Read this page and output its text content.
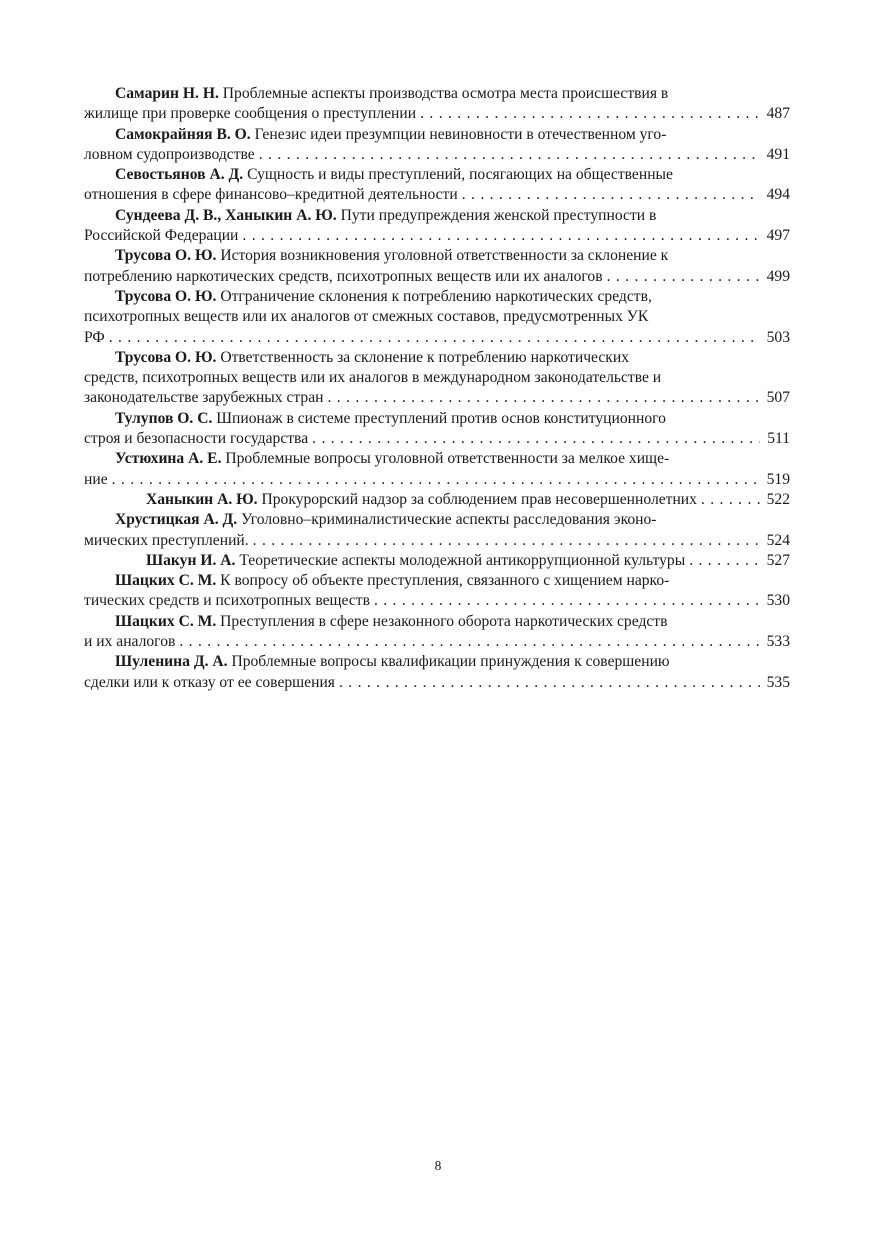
Самарин Н. Н. Проблемные аспекты производства осмотра места происшествия в
жилище при проверке сообщения о преступлении . . .	487
Самокрайняя В. О. Генезис идеи презумпции невиновности в отечественном уго-
ловном судопроизводстве . . .	491
Севостьянов А. Д. Сущность и виды преступлений, посягающих на общественные
отношения в сфере финансово–кредитной деятельности . . .	494
Сундеева Д. В., Ханыкин А. Ю. Пути предупреждения женской преступности в
Российской Федерации . . .	497
Трусова О. Ю. История возникновения уголовной ответственности за склонение к
потреблению наркотических средств, психотропных веществ или их аналогов . . .	499
Трусова О. Ю. Отграничение склонения к потреблению наркотических средств,
психотропных веществ или их аналогов от смежных составов, предусмотренных УК
РФ . . .	503
Трусова О. Ю. Ответственность за склонение к потреблению наркотических
средств, психотропных веществ или их аналогов в международном законодательстве и
законодательстве зарубежных стран . . .	507
Тулупов О. С. Шпионаж в системе преступлений против основ конституционного
строя и безопасности государства . . .	511
Устюхина А. Е. Проблемные вопросы уголовной ответственности за мелкое хище-
ние . . .	519
Ханыкин А. Ю. Прокурорский надзор за соблюдением прав несовершеннолетних . . .	522
Хрустицкая А. Д. Уголовно–криминалистические аспекты расследования эконо-
мических преступлений. . . .	524
Шакун И. А. Теоретические аспекты молодежной антикоррупционной культуры . . .	527
Шацких С. М. К вопросу об объекте преступления, связанного с хищением нарко-
тических средств и психотропных веществ . . .	530
Шацких С. М. Преступления в сфере незаконного оборота наркотических средств
и их аналогов . . .	533
Шуленина Д. А. Проблемные вопросы квалификации принуждения к совершению
сделки или к отказу от ее совершения . . .	535
8
